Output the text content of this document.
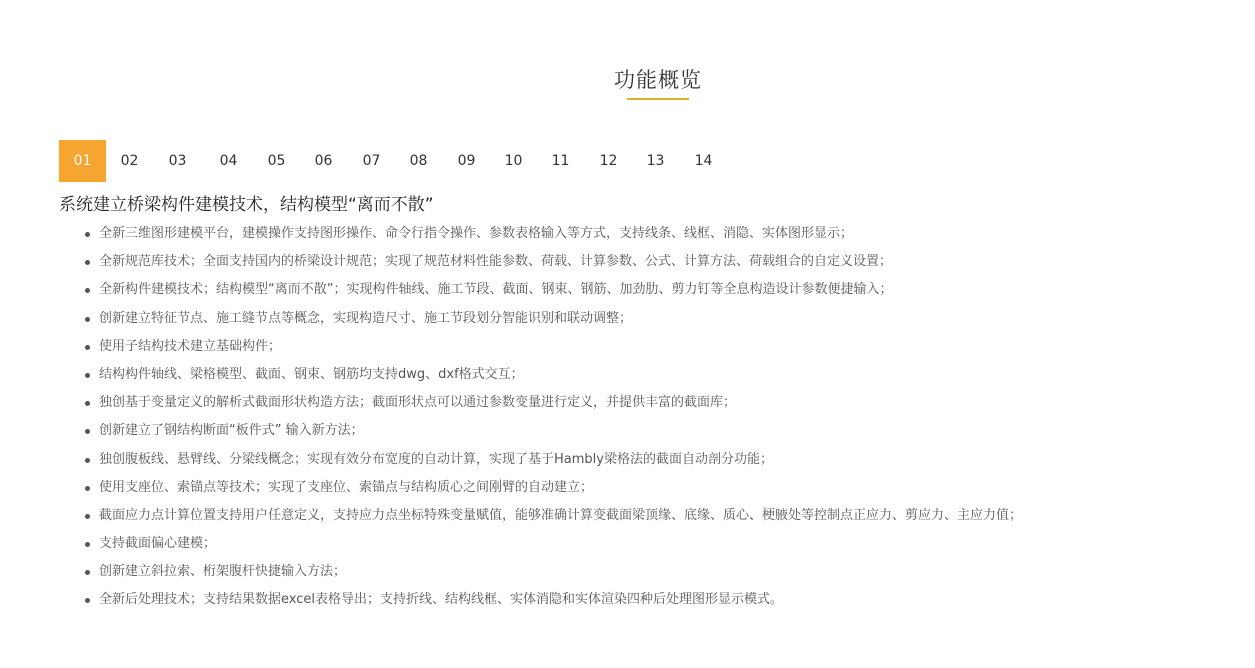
功能概览
01	02	03	04	05	06	07	08	09	10	11	12	13	14
系统建立桥梁构件建模技术，结构模型“离而不散”
全新三维图形建模平台，建模操作支持图形操作、命令行指令操作、参数表格输入等方式，支持线条、线框、消隐、实体图形显示；
全新规范库技术；全面支持国内的桥梁设计规范；实现了规范材料性能参数、荷载、计算参数、公式、计算方法、荷载组合的自定义设置；
全新构件建模技术；结构模型“离而不散”；实现构件轴线、施工节段、截面、钢束、钢筋、加劲肋、剪力钉等全息构造设计参数便捷输入；
创新建立特征节点、施工缝节点等概念，实现构造尺寸、施工节段划分智能识别和联动调整；
使用子结构技术建立基础构件；
结构构件轴线、梁格模型、截面、钢束、钢筋均支持dwg、dxf格式交互；
独创基于变量定义的解析式截面形状构造方法；截面形状点可以通过参数变量进行定义，并提供丰富的截面库；
创新建立了钢结构断面“板件式” 输入新方法；
独创腹板线、悬臂线、分梁线概念；实现有效分布宽度的自动计算，实现了基于Hambly梁格法的截面自动剖分功能；
使用支座位、索锚点等技术；实现了支座位、索锚点与结构质心之间刚臂的自动建立；
截面应力点计算位置支持用户任意定义，支持应力点坐标特殊变量赋值，能够准确计算变截面梁顶缘、底缘、质心、梗腋处等控制点正应力、剪应力、主应力值；
支持截面偏心建模；
创新建立斜拉索、桁架腹杆快捷输入方法；
全新后处理技术；支持结果数据excel表格导出；支持折线、结构线框、实体消隐和实体渲染四种后处理图形显示模式。
